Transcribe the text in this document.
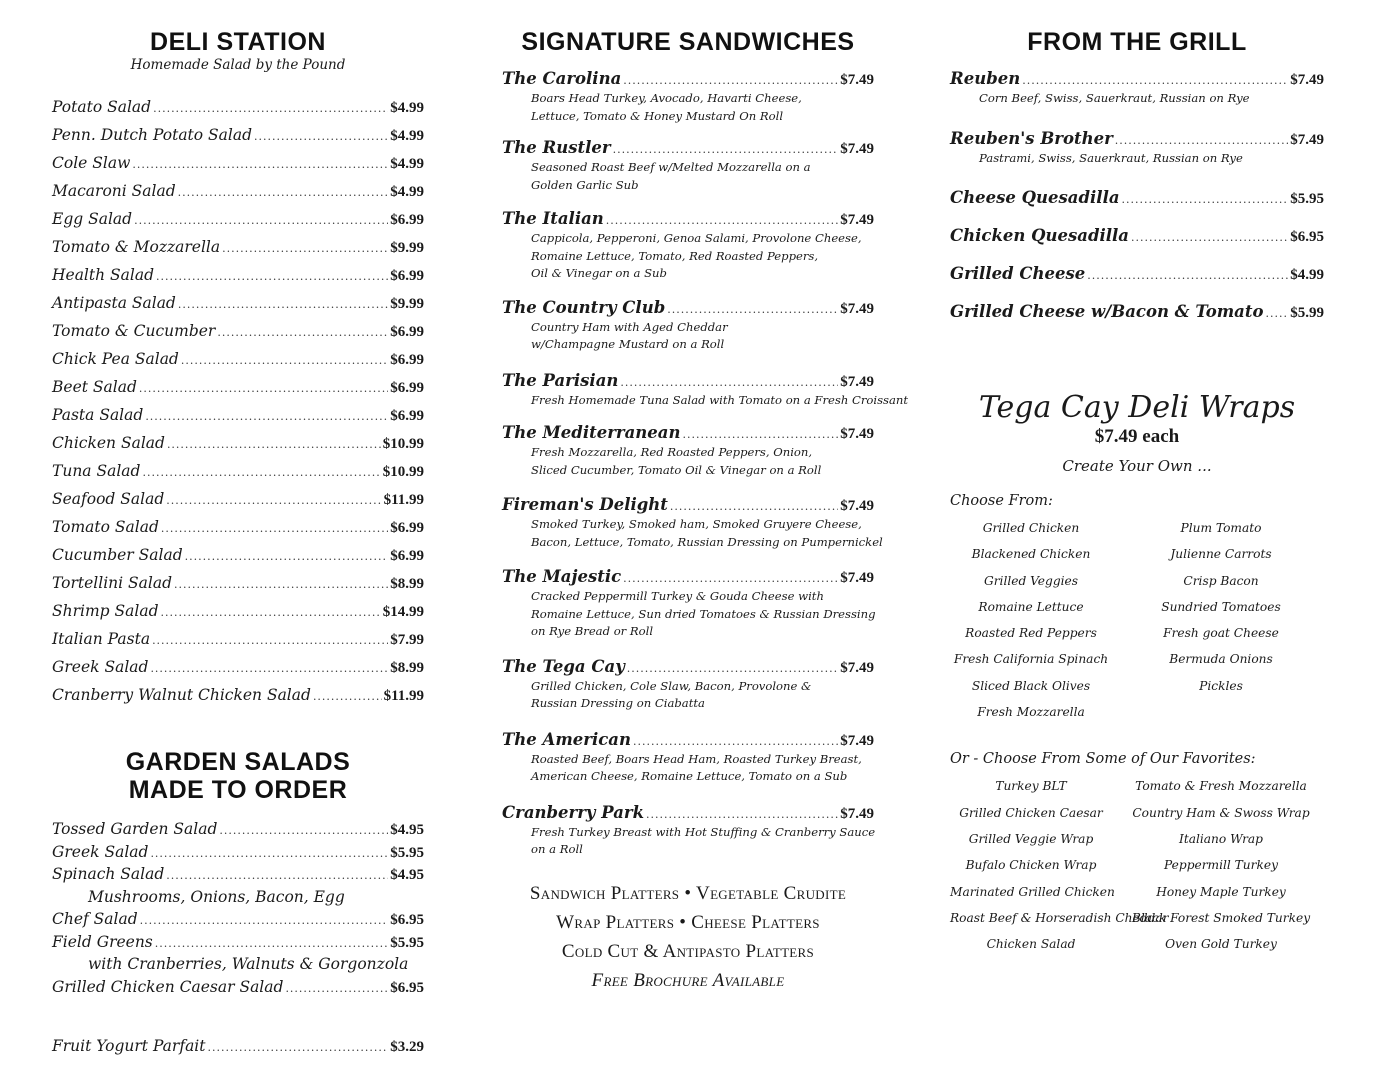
DELI STATION
Homemade Salad by the Pound
Potato Salad .....	$4.99
Penn. Dutch Potato Salad .....	$4.99
Cole Slaw .....	$4.99
Macaroni Salad .....	$4.99
Egg Salad .....	$6.99
Tomato & Mozzarella .....	$9.99
Health Salad .....	$6.99
Antipasta Salad .....	$9.99
Tomato & Cucumber .....	$6.99
Chick Pea Salad .....	$6.99
Beet Salad .....	$6.99
Pasta Salad .....	$6.99
Chicken Salad .....	$10.99
Tuna Salad .....	$10.99
Seafood Salad .....	$11.99
Tomato Salad .....	$6.99
Cucumber Salad .....	$6.99
Tortellini Salad .....	$8.99
Shrimp Salad .....	$14.99
Italian Pasta .....	$7.99
Greek Salad .....	$8.99
Cranberry Walnut Chicken Salad .....	$11.99
GARDEN SALADS
MADE TO ORDER
Tossed Garden Salad .....	$4.95
Greek Salad .....	$5.95
Spinach Salad .....	$4.95
Mushrooms, Onions, Bacon, Egg
Chef Salad .....	$6.95
Field Greens .....	$5.95
with Cranberries, Walnuts & Gorgonzola
Grilled Chicken Caesar Salad .....	$6.95
Fruit Yogurt Parfait .....	$3.29
SIGNATURE SANDWICHES
The Carolina .....	$7.49
Boars Head Turkey, Avocado, Havarti Cheese,
Lettuce, Tomato & Honey Mustard On Roll
The Rustler .....	$7.49
Seasoned Roast Beef w/Melted Mozzarella on a
Golden Garlic Sub
The Italian .....	$7.49
Cappicola, Pepperoni, Genoa Salami, Provolone Cheese,
Romaine Lettuce, Tomato, Red Roasted Peppers,
Oil & Vinegar on a Sub
The Country Club .....	$7.49
Country Ham with Aged Cheddar
w/Champagne Mustard on a Roll
The Parisian .....	$7.49
Fresh Homemade Tuna Salad with Tomato on a Fresh Croissant
The Mediterranean .....	$7.49
Fresh Mozzarella, Red Roasted Peppers, Onion,
Sliced Cucumber, Tomato Oil & Vinegar on a Roll
Fireman's Delight .....	$7.49
Smoked Turkey, Smoked ham, Smoked Gruyere Cheese,
Bacon, Lettuce, Tomato, Russian Dressing on Pumpernickel
The Majestic .....	$7.49
Cracked Peppermill Turkey & Gouda Cheese with
Romaine Lettuce, Sun dried Tomatoes & Russian Dressing
on Rye Bread or Roll
The Tega Cay .....	$7.49
Grilled Chicken, Cole Slaw, Bacon, Provolone &
Russian Dressing on Ciabatta
The American .....	$7.49
Roasted Beef, Boars Head Ham, Roasted Turkey Breast,
American Cheese, Romaine Lettuce, Tomato on a Sub
Cranberry Park .....	$7.49
Fresh Turkey Breast with Hot Stuffing & Cranberry Sauce
on a Roll
Sandwich Platters • Vegetable Crudite
Wrap Platters • Cheese Platters
Cold Cut & Antipasto Platters
Free Brochure Available
FROM THE GRILL
Reuben .....	$7.49
Corn Beef, Swiss, Sauerkraut, Russian on Rye
Reuben's Brother .....	$7.49
Pastrami, Swiss, Sauerkraut, Russian on Rye
Cheese Quesadilla .....	$5.95
Chicken Quesadilla .....	$6.95
Grilled Cheese .....	$4.99
Grilled Cheese w/Bacon & Tomato ..... $5.99
Tega Cay Deli Wraps
$7.49 each
Create Your Own ...
Choose From:
Grilled Chicken
Blackened Chicken
Grilled Veggies
Romaine Lettuce
Roasted Red Peppers
Fresh California Spinach
Sliced Black Olives
Fresh Mozzarella
Plum Tomato
Julienne Carrots
Crisp Bacon
Sundried Tomatoes
Fresh goat Cheese
Bermuda Onions
Pickles
Or - Choose From Some of Our Favorites:
Turkey BLT
Grilled Chicken Caesar
Grilled Veggie Wrap
Bufalo Chicken Wrap
Marinated Grilled Chicken
Roast Beef & Horseradish Cheddar
Chicken Salad
Tomato & Fresh Mozzarella
Country Ham & Swoss Wrap
Italiano Wrap
Peppermill Turkey
Honey Maple Turkey
Black Forest Smoked Turkey
Oven Gold Turkey
